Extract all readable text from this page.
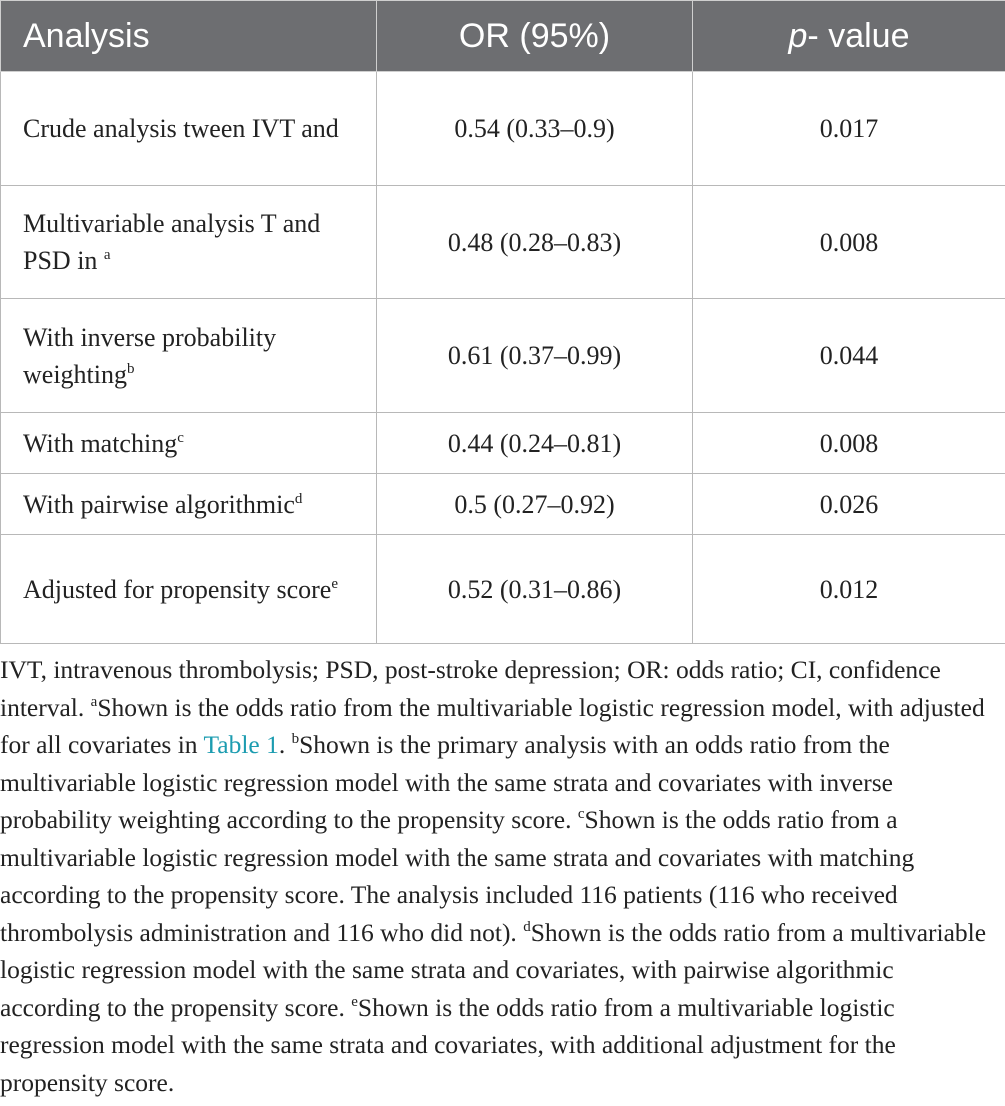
Analysis	OR (95%)	p- value
Crude analysis tween IVT and	0.54 (0.33–0.9)	0.017
Multivariable analysis T and PSD in $^a$	0.48 (0.28–0.83)	0.008
With inverse probability weighting$^b$	0.61 (0.37–0.99)	0.044
With matching$^c$	0.44 (0.24–0.81)	0.008
With pairwise algorithmic$^d$	0.5 (0.27–0.92)	0.026
Adjusted for propensity score$^e$	0.52 (0.31–0.86)	0.012

IVT, intravenous thrombolysis; PSD, post-stroke depression; OR: odds ratio; CI, confidence interval. $^a$Shown is the odds ratio from the multivariable logistic regression model, with adjusted for all covariates in Table 1. $^b$Shown is the primary analysis with an odds ratio from the multivariable logistic regression model with the same strata and covariates with inverse probability weighting according to the propensity score. $^c$Shown is the odds ratio from a multivariable logistic regression model with the same strata and covariates with matching according to the propensity score. The analysis included 116 patients (116 who received thrombolysis administration and 116 who did not). $^d$Shown is the odds ratio from a multivariable logistic regression model with the same strata and covariates, with pairwise algorithmic according to the propensity score. $^e$Shown is the odds ratio from a multivariable logistic regression model with the same strata and covariates, with additional adjustment for the propensity score.
